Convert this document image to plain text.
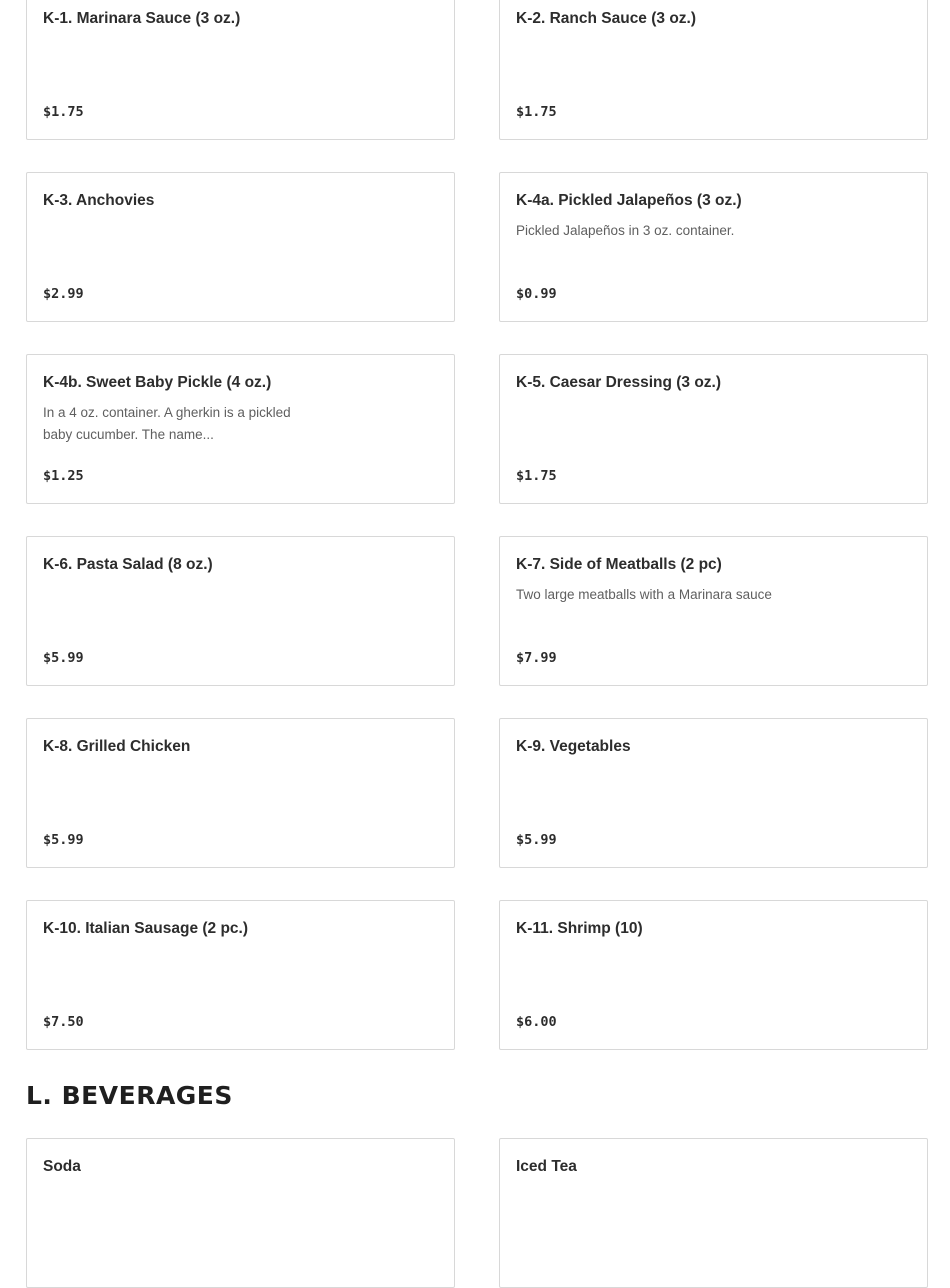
K-1. Marinara Sauce (3 oz.)
$1.75
K-2. Ranch Sauce (3 oz.)
$1.75
K-3. Anchovies
$2.99
K-4a. Pickled Jalapeños (3 oz.)
Pickled Jalapeños in 3 oz. container.
$0.99
K-4b. Sweet Baby Pickle (4 oz.)
In a 4 oz. container. A gherkin is a pickled baby cucumber. The name...
$1.25
K-5. Caesar Dressing (3 oz.)
$1.75
K-6. Pasta Salad (8 oz.)
$5.99
K-7. Side of Meatballs (2 pc)
Two large meatballs with a Marinara sauce
$7.99
K-8. Grilled Chicken
$5.99
K-9. Vegetables
$5.99
K-10. Italian Sausage (2 pc.)
$7.50
K-11. Shrimp (10)
$6.00
L. BEVERAGES
Soda	Iced Tea
